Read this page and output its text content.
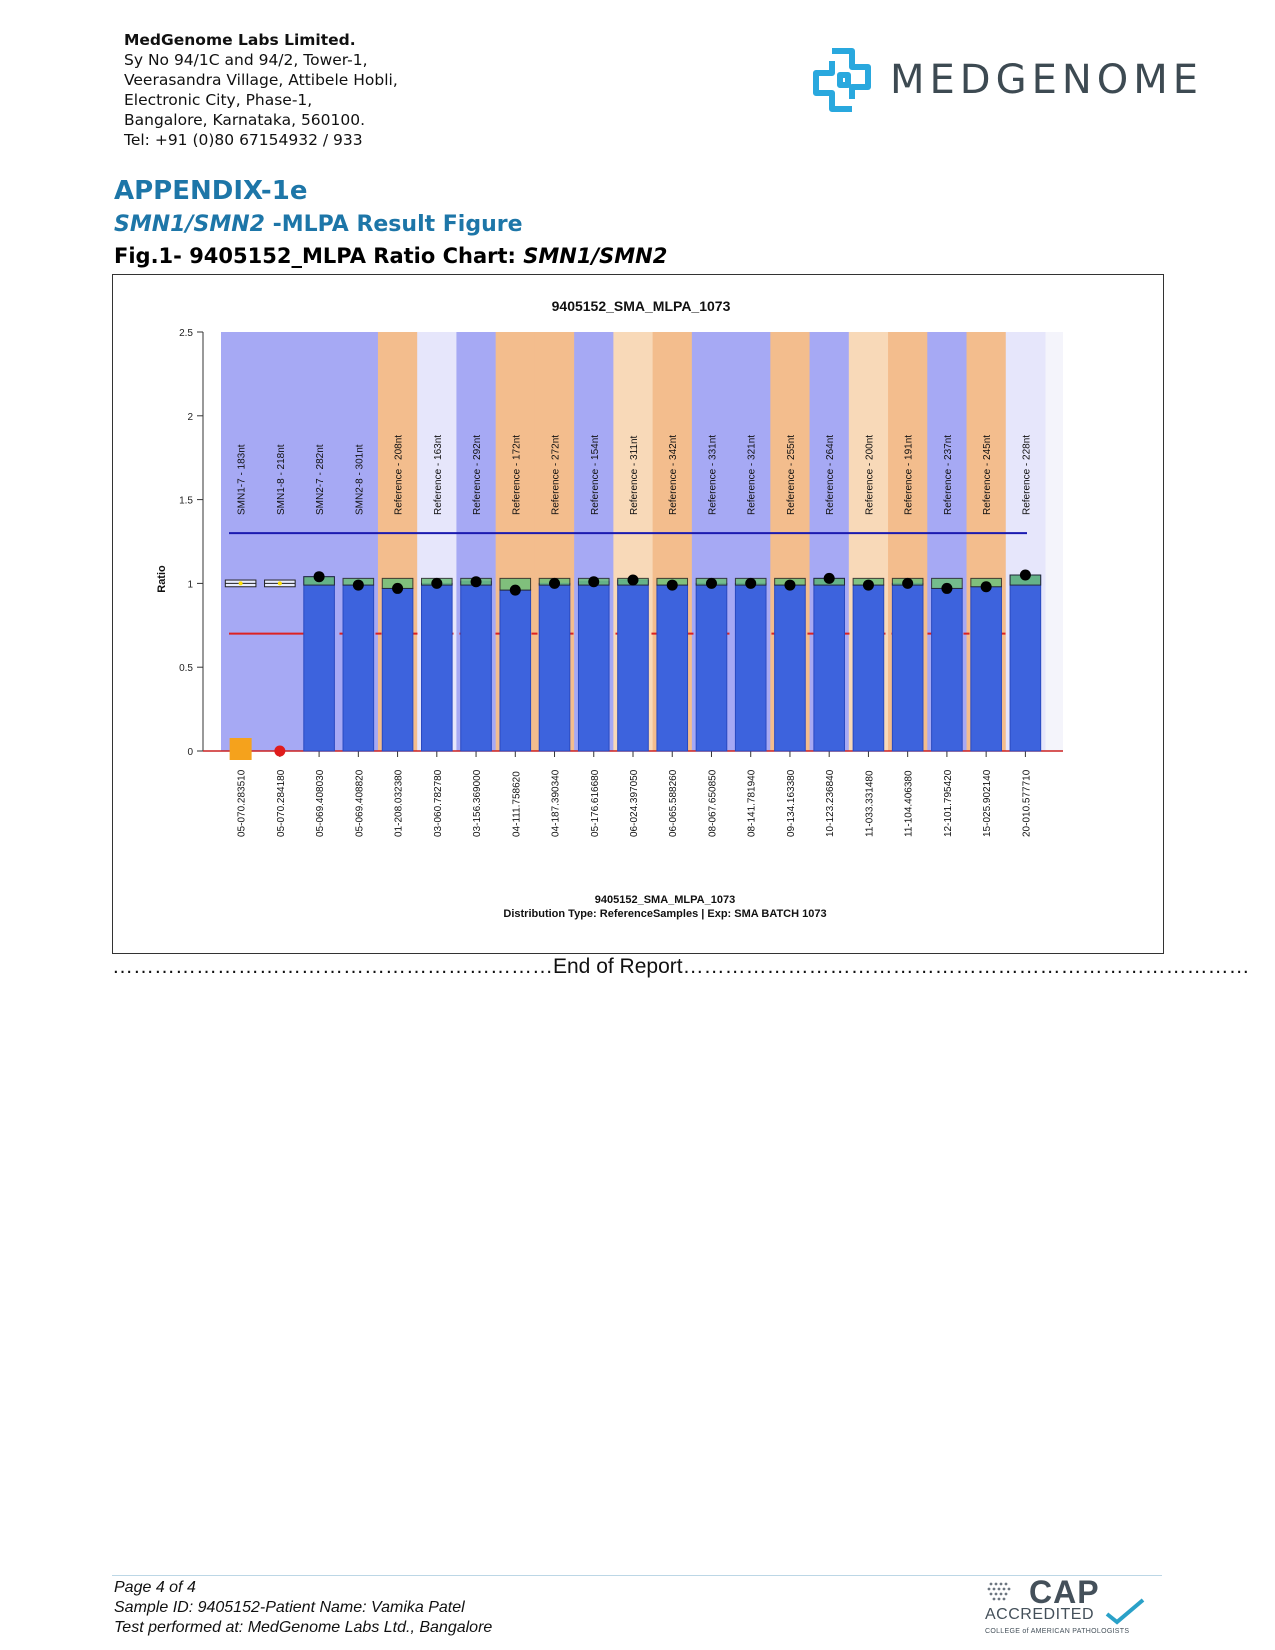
MedGenome Labs Limited.
Sy No 94/1C and 94/2, Tower-1,
Veerasandra Village, Attibele Hobli,
Electronic City, Phase-1,
Bangalore, Karnataka, 560100.
Tel: +91 (0)80 67154932 / 933
MEDGENOME
APPENDIX-1e
SMN1/SMN2 -MLPA Result Figure
Fig.1- 9405152_MLPA Ratio Chart: SMN1/SMN2
9405152_SMA_MLPA_1073
Ratio
9405152_SMA_MLPA_1073
Distribution Type: ReferenceSamples | Exp: SMA BATCH 1073
0
0.5
1
1.5
2
2.5
SMN1-7 - 183nt
05-070.283510
SMN1-8 - 218nt
05-070.284180
SMN2-7 - 282nt
05-069.408030
SMN2-8 - 301nt
05-069.408820
Reference - 208nt
01-208.032380
Reference - 163nt
03-060.782780
Reference - 292nt
03-156.369000
Reference - 172nt
04-111.758620
Reference - 272nt
04-187.390340
Reference - 154nt
05-176.616680
Reference - 311nt
06-024.397050
Reference - 342nt
06-065.588260
Reference - 331nt
08-067.650850
Reference - 321nt
08-141.781940
Reference - 255nt
09-134.163380
Reference - 264nt
10-123.236840
Reference - 200nt
11-033.331480
Reference - 191nt
11-104.406380
Reference - 237nt
12-101.795420
Reference - 245nt
15-025.902140
Reference - 228nt
20-010.577710
………………………………………………………End of Report………………………………………………………………………
Page 4 of 4
Sample ID: 9405152-Patient Name: Vamika Patel
Test performed at: MedGenome Labs Ltd., Bangalore
CAP
ACCREDITED
COLLEGE of AMERICAN PATHOLOGISTS
